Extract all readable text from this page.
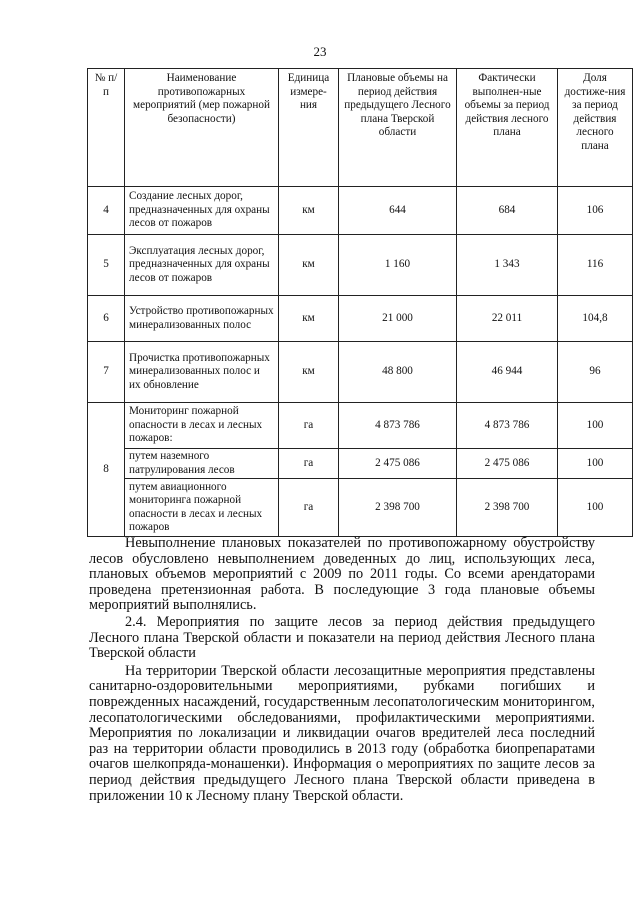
23
№ п/п	Наименование противопожарных мероприятий (мер пожарной безопасности)	Единица измере-ния	Плановые объемы на период действия предыдущего Лесного плана Тверской области	Фактически выполнен-ные объемы за период действия лесного плана	Доля достиже-ния за период действия лесного плана
4	Создание лесных дорог, предназначенных для охраны лесов от пожаров	км	644	684	106
5	Эксплуатация лесных дорог, предназначенных для охраны лесов от пожаров	км	1 160	1 343	116
6	Устройство противопожарных минерализованных полос	км	21 000	22 011	104,8
7	Прочистка противопожарных минерализованных полос и их обновление	км	48 800	46 944	96
8	Мониторинг пожарной опасности в лесах и лесных пожаров:	га	4 873 786	4 873 786	100
	путем наземного патрулирования лесов	га	2 475 086	2 475 086	100
	путем авиационного мониторинга пожарной опасности в лесах и лесных пожаров	га	2 398 700	2 398 700	100

Невыполнение плановых показателей по противопожарному обустройству лесов обусловлено невыполнением доведенных до лиц, использующих леса, плановых объемов мероприятий с 2009 по 2011 годы. Со всеми арендаторами проведена претензионная работа. В последующие 3 года плановые объемы мероприятий выполнялись.

2.4. Мероприятия по защите лесов за период действия предыдущего Лесного плана Тверской области и показатели на период действия Лесного плана Тверской области

На территории Тверской области лесозащитные мероприятия представлены санитарно-оздоровительными мероприятиями, рубками погибших и поврежденных насаждений, государственным лесопатологическим мониторингом, лесопатологическими обследованиями, профилактическими мероприятиями. Мероприятия по локализации и ликвидации очагов вредителей леса последний раз на территории области проводились в 2013 году (обработка биопрепаратами очагов шелкопряда-монашенки). Информация о мероприятиях по защите лесов за период действия предыдущего Лесного плана Тверской области приведена в приложении 10 к Лесному плану Тверской области.
